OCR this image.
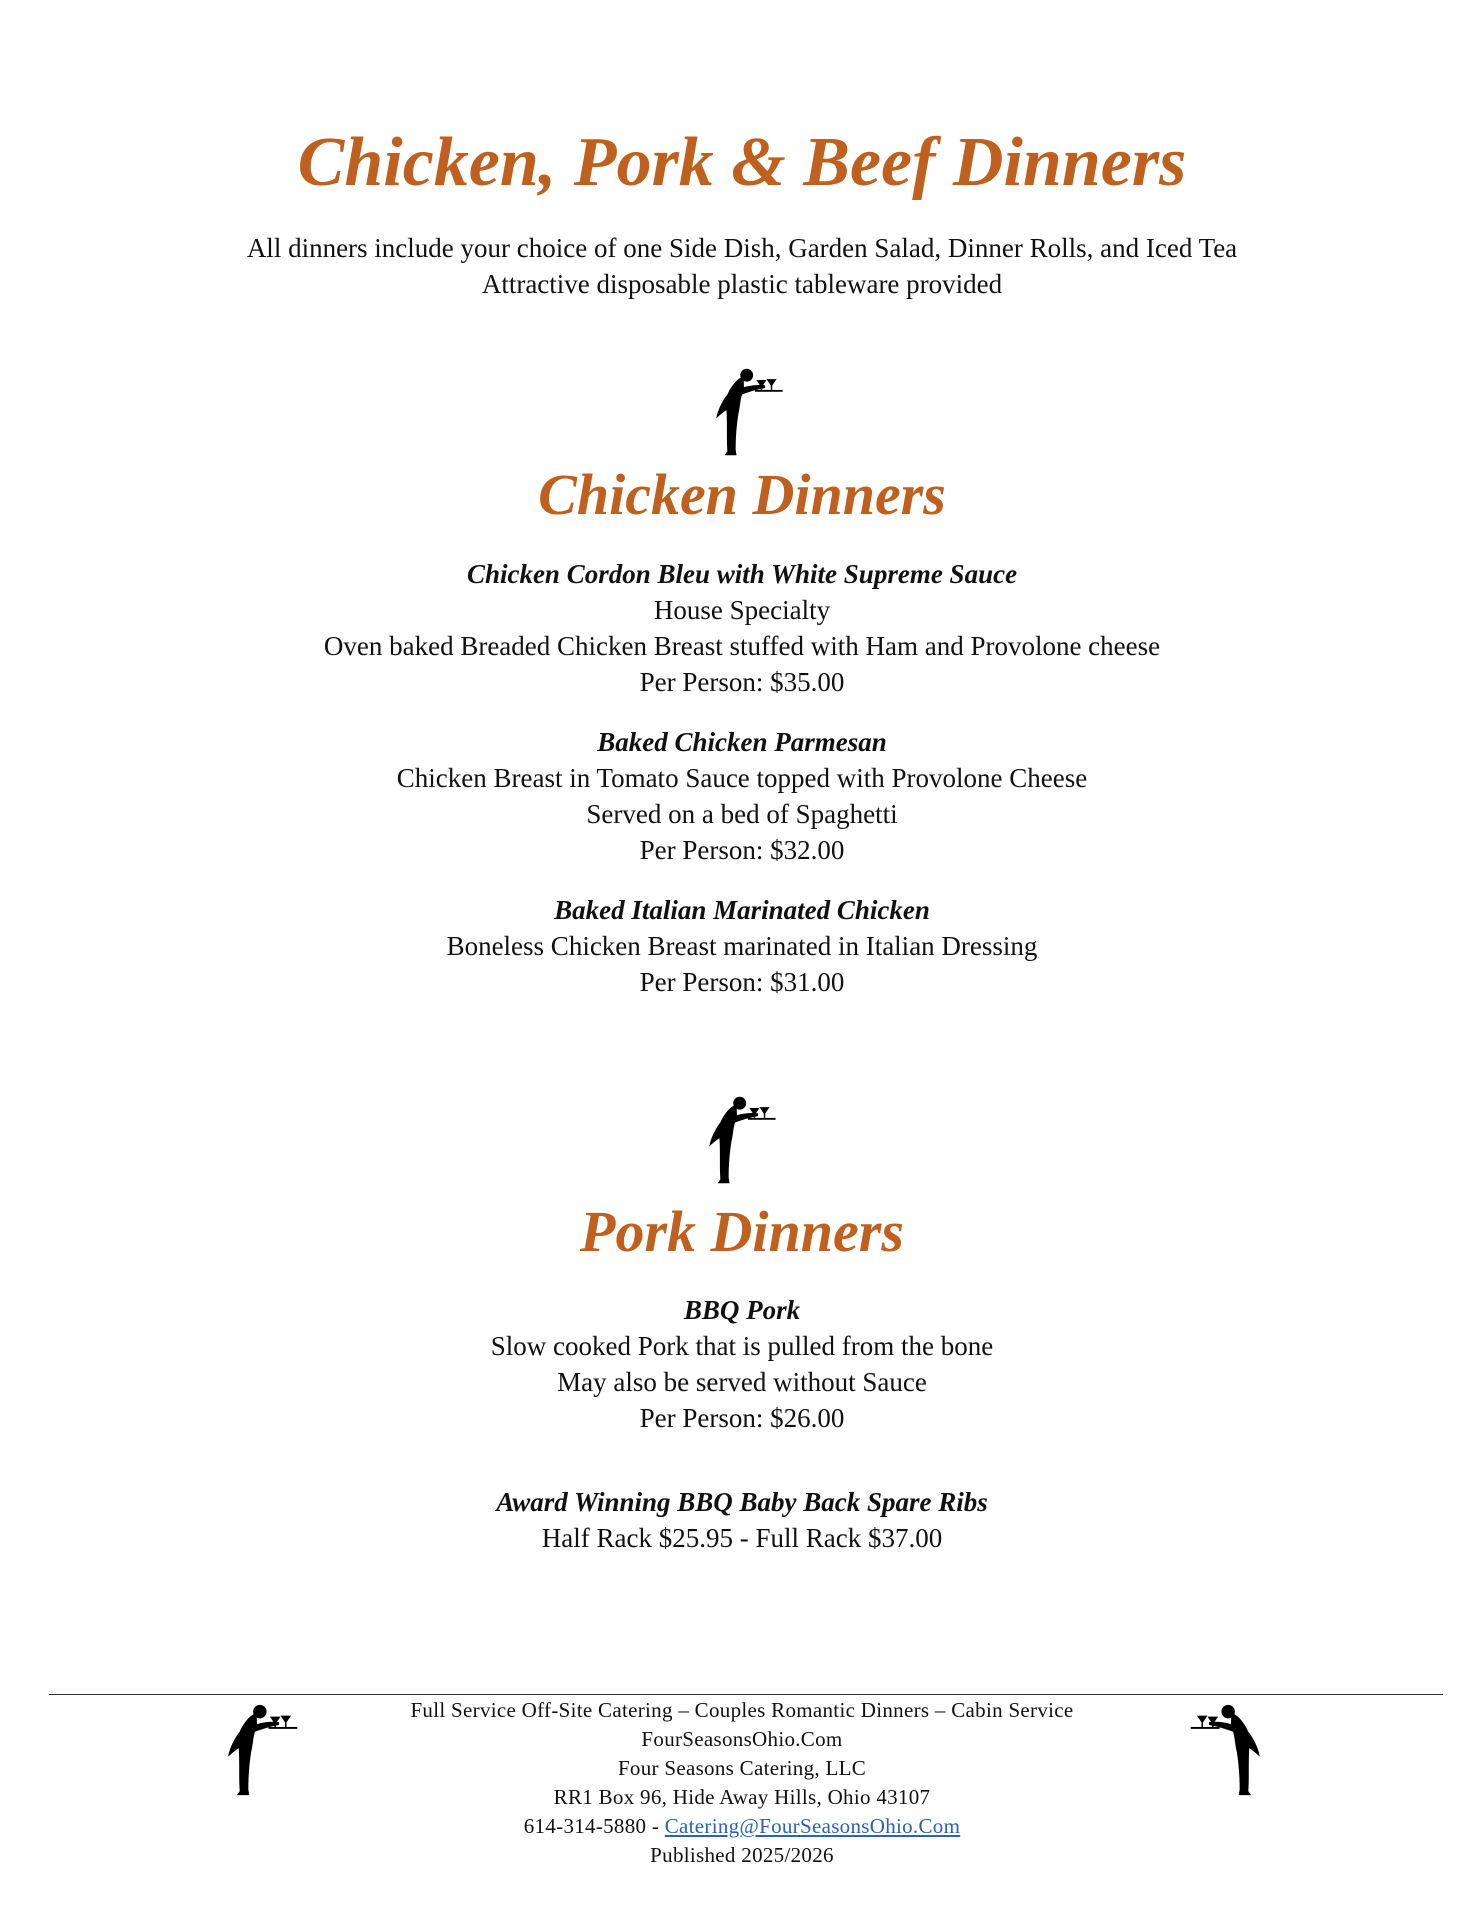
Chicken, Pork & Beef Dinners
All dinners include your choice of one Side Dish, Garden Salad, Dinner Rolls, and Iced Tea
Attractive disposable plastic tableware provided
Chicken Dinners
Chicken Cordon Bleu with White Supreme Sauce
House Specialty
Oven baked Breaded Chicken Breast stuffed with Ham and Provolone cheese
Per Person: $35.00
Baked Chicken Parmesan
Chicken Breast in Tomato Sauce topped with Provolone Cheese
Served on a bed of Spaghetti
Per Person: $32.00
Baked Italian Marinated Chicken
Boneless Chicken Breast marinated in Italian Dressing
Per Person: $31.00
Pork Dinners
BBQ Pork
Slow cooked Pork that is pulled from the bone
May also be served without Sauce
Per Person: $26.00
Award Winning BBQ Baby Back Spare Ribs
Half Rack $25.95 - Full Rack $37.00
Full Service Off-Site Catering – Couples Romantic Dinners – Cabin Service
FourSeasonsOhio.Com
Four Seasons Catering, LLC
RR1 Box 96, Hide Away Hills, Ohio 43107
614-314-5880 - Catering@FourSeasonsOhio.Com
Published 2025/2026
